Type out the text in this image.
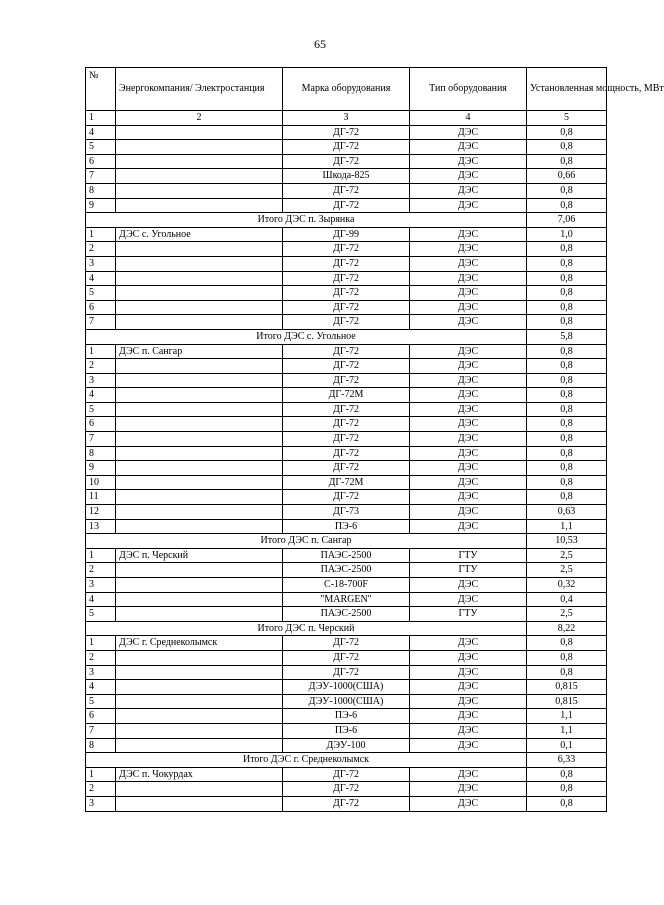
65
№	Энергокомпания/ Электростанция	Марка оборудования	Тип оборудования	Установленная мощность, МВт
1	2	3	4	5
4		ДГ-72	ДЭС	0,8
5		ДГ-72	ДЭС	0,8
6		ДГ-72	ДЭС	0,8
7		Шкода-825	ДЭС	0,66
8		ДГ-72	ДЭС	0,8
9		ДГ-72	ДЭС	0,8
Итого ДЭС п. Зырянка				7,06
1	ДЭС с. Угольное	ДГ-99	ДЭС	1,0
2		ДГ-72	ДЭС	0,8
3		ДГ-72	ДЭС	0,8
4		ДГ-72	ДЭС	0,8
5		ДГ-72	ДЭС	0,8
6		ДГ-72	ДЭС	0,8
7		ДГ-72	ДЭС	0,8
Итого ДЭС с. Угольное				5,8
1	ДЭС п. Сангар	ДГ-72	ДЭС	0,8
2		ДГ-72	ДЭС	0,8
3		ДГ-72	ДЭС	0,8
4		ДГ-72М	ДЭС	0,8
5		ДГ-72	ДЭС	0,8
6		ДГ-72	ДЭС	0,8
7		ДГ-72	ДЭС	0,8
8		ДГ-72	ДЭС	0,8
9		ДГ-72	ДЭС	0,8
10		ДГ-72М	ДЭС	0,8
11		ДГ-72	ДЭС	0,8
12		ДГ-73	ДЭС	0,63
13		ПЭ-6	ДЭС	1,1
Итого ДЭС п. Сангар				10,53
1	ДЭС п. Черский	ПАЭС-2500	ГТУ	2,5
2		ПАЭС-2500	ГТУ	2,5
3		С-18-700F	ДЭС	0,32
4		"MARGEN"	ДЭС	0,4
5		ПАЭС-2500	ГТУ	2,5
Итого ДЭС п. Черский				8,22
1	ДЭС г. Среднеколымск	ДГ-72	ДЭС	0,8
2		ДГ-72	ДЭС	0,8
3		ДГ-72	ДЭС	0,8
4		ДЭУ-1000(США)	ДЭС	0,815
5		ДЭУ-1000(США)	ДЭС	0,815
6		ПЭ-6	ДЭС	1,1
7		ПЭ-6	ДЭС	1,1
8		ДЭУ-100	ДЭС	0,1
Итого ДЭС г. Среднеколымск				6,33
1	ДЭС п. Чокурдах	ДГ-72	ДЭС	0,8
2		ДГ-72	ДЭС	0,8
3		ДГ-72	ДЭС	0,8
